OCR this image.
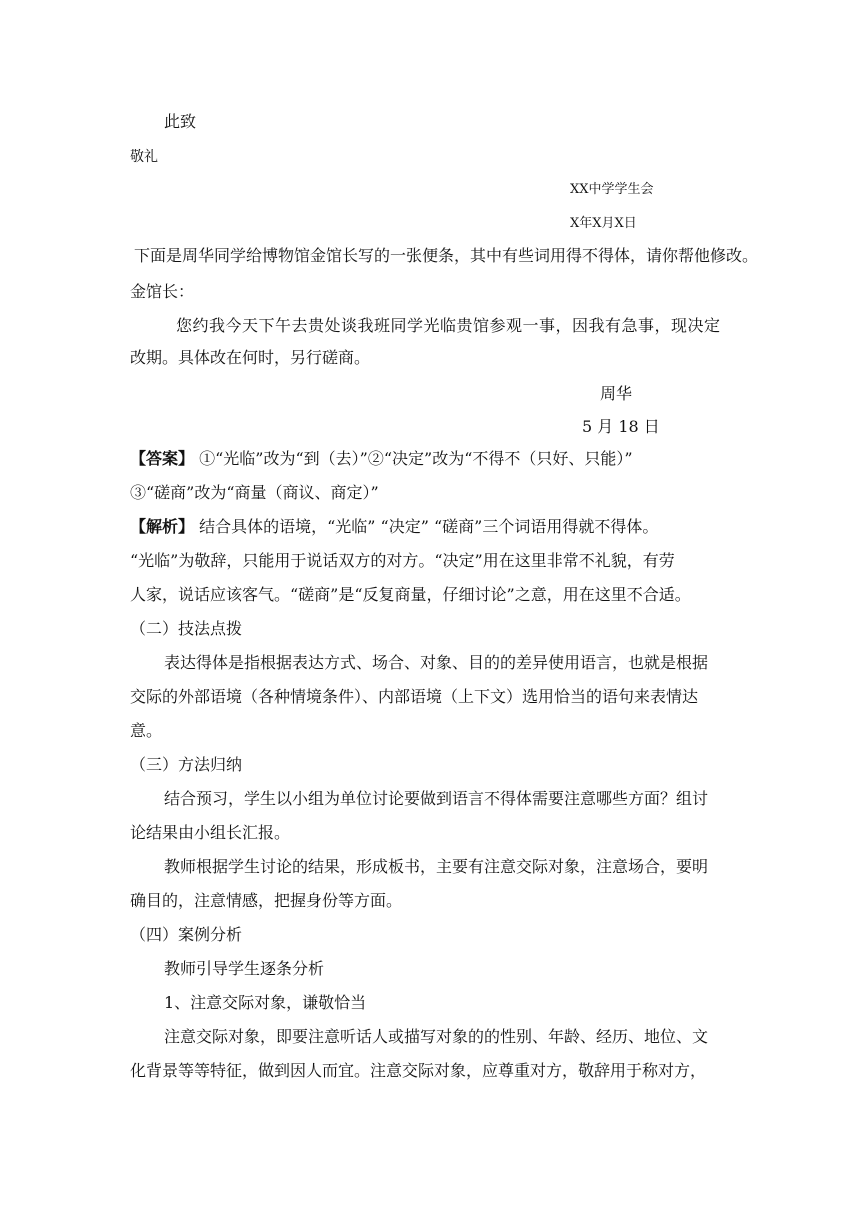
此致
敬礼
XX中学学生会
X年X月X日
下面是周华同学给博物馆金馆长写的一张便条，其中有些词用得不得体，请你帮他修改。
金馆长：
您约我今天下午去贵处谈我班同学光临贵馆参观一事，因我有急事，现决定
改期。具体改在何时，另行磋商。
周华
5 月 18 日
【答案】 ①“光临”改为“到（去）”②“决定”改为“不得不（只好、只能）”
③“磋商”改为“商量（商议、商定）”
【解析】 结合具体的语境，“光临” “决定” “磋商”三个词语用得就不得体。
“光临”为敬辞，只能用于说话双方的对方。“决定”用在这里非常不礼貌，有劳
人家，说话应该客气。“磋商”是“反复商量，仔细讨论”之意，用在这里不合适。
（二）技法点拨
表达得体是指根据表达方式、场合、对象、目的的差异使用语言，也就是根据
交际的外部语境（各种情境条件）、内部语境（上下文）选用恰当的语句来表情达
意。
（三）方法归纳
结合预习，学生以小组为单位讨论要做到语言不得体需要注意哪些方面？组讨
论结果由小组长汇报。
教师根据学生讨论的结果，形成板书，主要有注意交际对象，注意场合，要明
确目的，注意情感，把握身份等方面。
（四）案例分析
教师引导学生逐条分析
1、注意交际对象，谦敬恰当
注意交际对象，即要注意听话人或描写对象的的性别、年龄、经历、地位、文
化背景等等特征，做到因人而宜。注意交际对象，应尊重对方，敬辞用于称对方，
